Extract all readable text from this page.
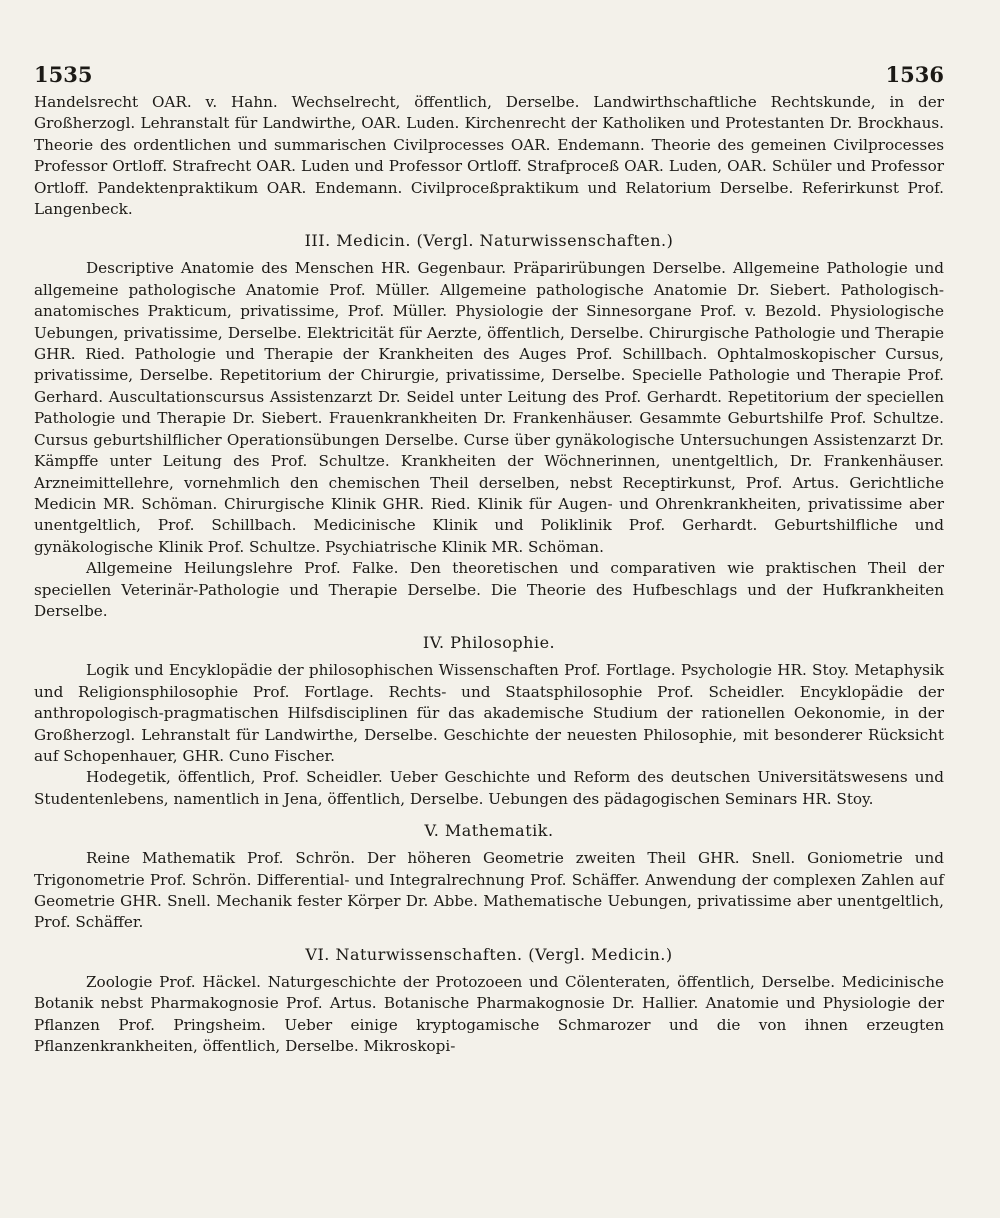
1535	1536

Handelsrecht OAR. v. Hahn. Wechselrecht, öffentlich, Derselbe. Landwirthschaftliche Rechtskunde, in der Großherzogl. Lehranstalt für Landwirthe, OAR. Luden. Kirchenrecht der Katholiken und Protestanten Dr. Brockhaus. Theorie des ordentlichen und summarischen Civilprocesses OAR. Endemann. Theorie des gemeinen Civilprocesses Professor Ortloff. Strafrecht OAR. Luden und Professor Ortloff. Strafproceß OAR. Luden, OAR. Schüler und Professor Ortloff. Pandektenpraktikum OAR. Endemann. Civilproceßpraktikum und Relatorium Derselbe. Referirkunst Prof. Langenbeck.

III. Medicin. (Vergl. Naturwissenschaften.)

Descriptive Anatomie des Menschen HR. Gegenbaur. Präparirübungen Derselbe. Allgemeine Pathologie und allgemeine pathologische Anatomie Prof. Müller. Allgemeine pathologische Anatomie Dr. Siebert. Pathologisch-anatomisches Prakticum, privatissime, Prof. Müller. Physiologie der Sinnesorgane Prof. v. Bezold. Physiologische Uebungen, privatissime, Derselbe. Elektricität für Aerzte, öffentlich, Derselbe. Chirurgische Pathologie und Therapie GHR. Ried. Pathologie und Therapie der Krankheiten des Auges Prof. Schillbach. Ophtalmoskopischer Cursus, privatissime, Derselbe. Repetitorium der Chirurgie, privatissime, Derselbe. Specielle Pathologie und Therapie Prof. Gerhard. Auscultationscursus Assistenzarzt Dr. Seidel unter Leitung des Prof. Gerhardt. Repetitorium der speciellen Pathologie und Therapie Dr. Siebert. Frauenkrankheiten Dr. Frankenhäuser. Gesammte Geburtshilfe Prof. Schultze. Cursus geburtshilflicher Operationsübungen Derselbe. Curse über gynäkologische Untersuchungen Assistenzarzt Dr. Kämpffe unter Leitung des Prof. Schultze. Krankheiten der Wöchnerinnen, unentgeltlich, Dr. Frankenhäuser. Arzneimittellehre, vornehmlich den chemischen Theil derselben, nebst Receptirkunst, Prof. Artus. Gerichtliche Medicin MR. Schöman. Chirurgische Klinik GHR. Ried. Klinik für Augen- und Ohrenkrankheiten, privatissime aber unentgeltlich, Prof. Schillbach. Medicinische Klinik und Poliklinik Prof. Gerhardt. Geburtshilfliche und gynäkologische Klinik Prof. Schultze. Psychiatrische Klinik MR. Schöman.

Allgemeine Heilungslehre Prof. Falke. Den theoretischen und comparativen wie praktischen Theil der speciellen Veterinär-Pathologie und Therapie Derselbe. Die Theorie des Hufbeschlags und der Hufkrankheiten Derselbe.

IV. Philosophie.

Logik und Encyklopädie der philosophischen Wissenschaften Prof. Fortlage. Psychologie HR. Stoy. Metaphysik und Religionsphilosophie Prof. Fortlage. Rechts- und Staatsphilosophie Prof. Scheidler. Encyklopädie der anthropologisch-pragmatischen Hilfsdisciplinen für das akademische Studium der rationellen Oekonomie, in der Großherzogl. Lehranstalt für Landwirthe, Derselbe. Geschichte der neuesten Philosophie, mit besonderer Rücksicht auf Schopenhauer, GHR. Cuno Fischer.

Hodegetik, öffentlich, Prof. Scheidler. Ueber Geschichte und Reform des deutschen Universitätswesens und Studentenlebens, namentlich in Jena, öffentlich, Derselbe. Uebungen des pädagogischen Seminars HR. Stoy.

V. Mathematik.

Reine Mathematik Prof. Schrön. Der höheren Geometrie zweiten Theil GHR. Snell. Goniometrie und Trigonometrie Prof. Schrön. Differential- und Integralrechnung Prof. Schäffer. Anwendung der complexen Zahlen auf Geometrie GHR. Snell. Mechanik fester Körper Dr. Abbe. Mathematische Uebungen, privatissime aber unentgeltlich, Prof. Schäffer.

VI. Naturwissenschaften. (Vergl. Medicin.)

Zoologie Prof. Häckel. Naturgeschichte der Protozoeen und Cölenteraten, öffentlich, Derselbe. Medicinische Botanik nebst Pharmakognosie Prof. Artus. Botanische Pharmakognosie Dr. Hallier. Anatomie und Physiologie der Pflanzen Prof. Pringsheim. Ueber einige kryptogamische Schmarozer und die von ihnen erzeugten Pflanzenkrankheiten, öffentlich, Derselbe. Mikroskopi-
